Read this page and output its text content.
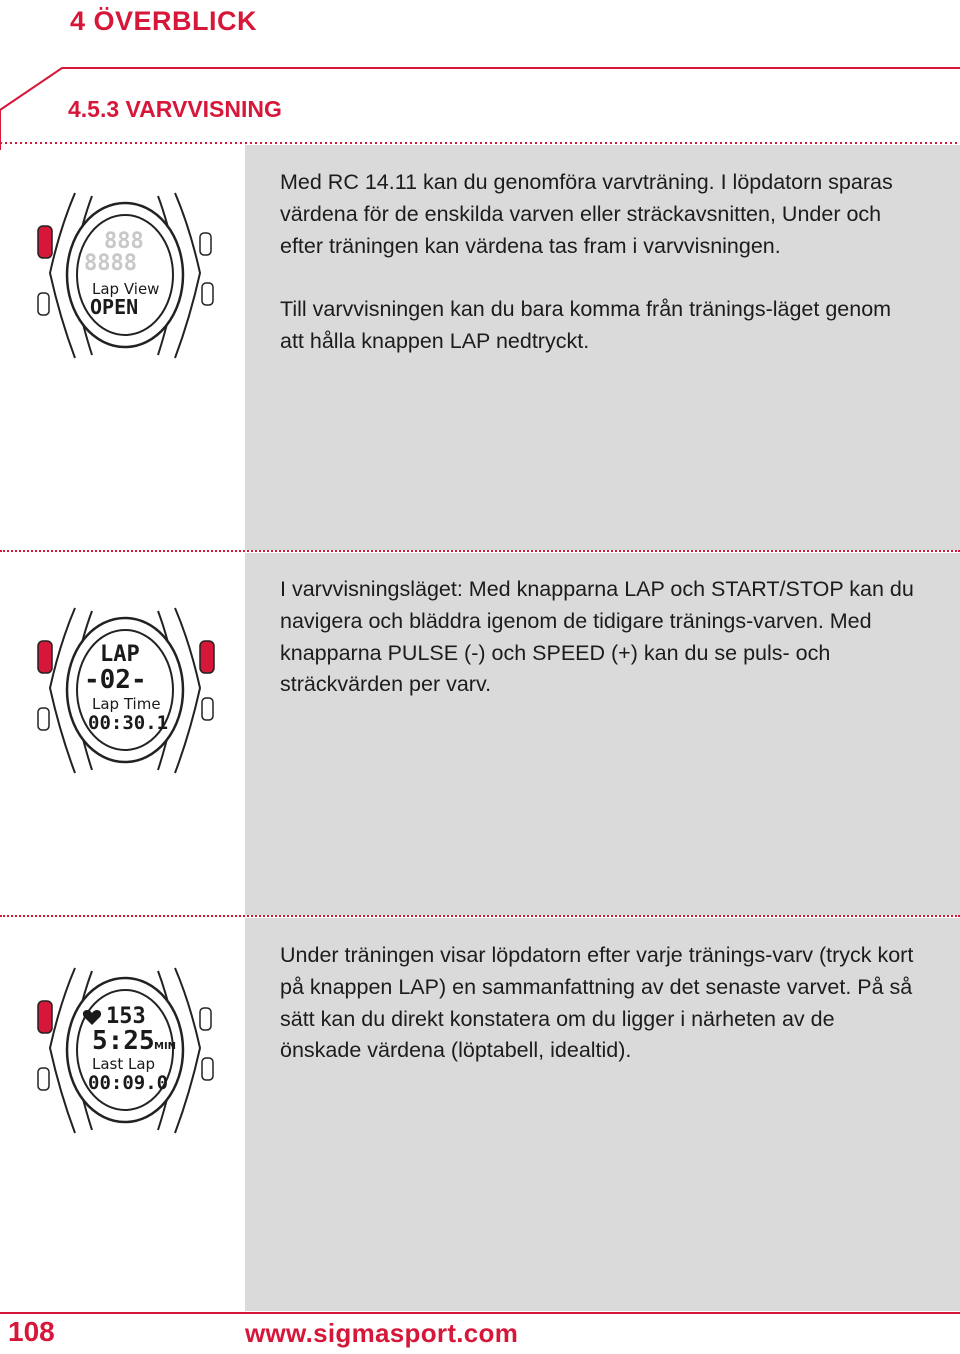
4 ÖVERBLICK
4.5.3 VARVVISNING

Med RC 14.11 kan du genomföra varvträning. I löpdatorn sparas värdena för de enskilda varven eller sträckavsnitten, Under och efter träningen kan värdena tas fram i varvvisningen.

Till varvvisningen kan du bara komma från tränings-läget genom att hålla knappen LAP nedtryckt.

I varvvisningsläget: Med knapparna LAP och START/STOP kan du navigera och bläddra igenom de tidigare tränings-varven. Med knapparna PULSE (-) och SPEED (+) kan du se puls- och sträckvärden per varv.

Under träningen visar löpdatorn efter varje tränings-varv (tryck kort på knappen LAP) en sammanfattning av det senaste varvet. På så sätt kan du direkt konstatera om du ligger i närheten av de önskade värdena (löptabell, idealtid).

888
8888
Lap View
OPEN
LAP
-02-
Lap Time
00:30.1
153
5:25 MIN
Last Lap
00:09.0
108	www.sigmasport.com
